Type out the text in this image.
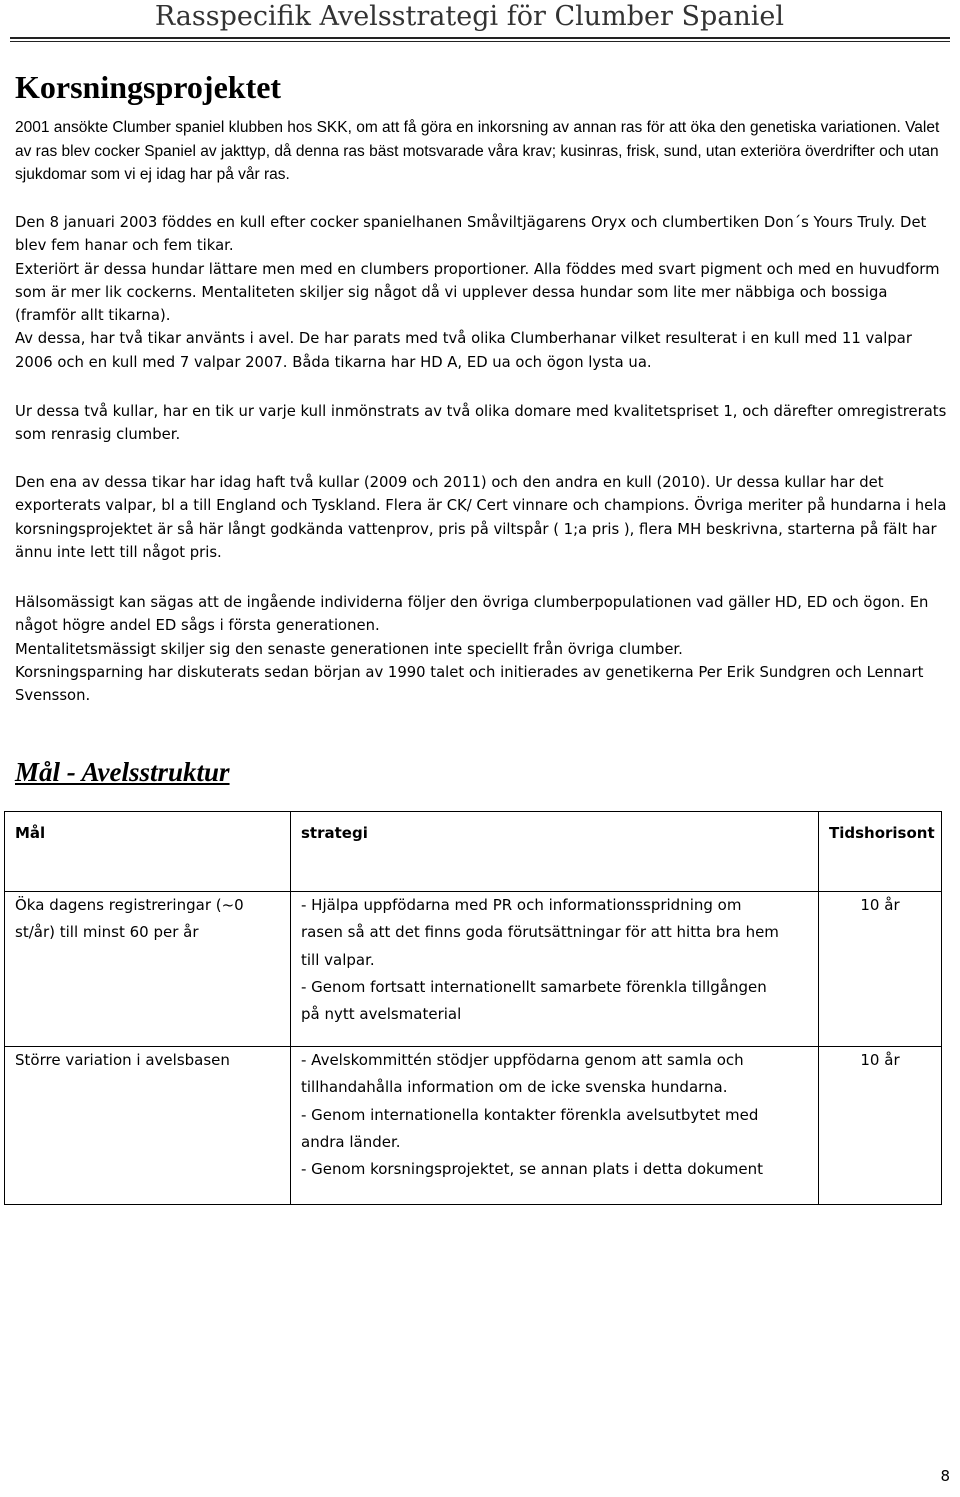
Rasspecifik Avelsstrategi för Clumber Spaniel
Korsningsprojektet

2001 ansökte Clumber spaniel klubben hos SKK, om att få göra en inkorsning av annan ras för att öka den genetiska variationen. Valet av ras blev cocker Spaniel av jakttyp, då denna ras bäst motsvarade våra krav; kusinras, frisk, sund, utan exteriöra överdrifter och utan sjukdomar som vi ej idag har på vår ras.

Den 8 januari 2003 föddes en kull efter cocker spanielhanen Småviltjägarens Oryx och clumbertiken Don´s Yours Truly. Det blev fem hanar och fem tikar.

Exteriört är dessa hundar lättare men med en clumbers proportioner. Alla föddes med svart pigment och med en huvudform som är mer lik cockerns. Mentaliteten skiljer sig något då vi upplever dessa hundar som lite mer näbbiga och bossiga (framför allt tikarna).

Av dessa, har två tikar använts i avel. De har parats med två olika Clumberhanar vilket resulterat i en kull med 11 valpar 2006 och en kull med 7 valpar 2007. Båda tikarna har HD A, ED ua och ögon lysta ua.

Ur dessa två kullar, har en tik ur varje kull inmönstrats av två olika domare med kvalitetspriset 1, och därefter omregistrerats som renrasig clumber.

Den ena av dessa tikar har idag haft två kullar (2009 och 2011) och den andra en kull (2010). Ur dessa kullar har det exporterats valpar, bl a till England och Tyskland. Flera är CK/ Cert vinnare och champions. Övriga meriter på hundarna i hela korsningsprojektet är så här långt godkända vattenprov, pris på viltspår ( 1;a pris ), flera MH beskrivna, starterna på fält har ännu inte lett till något pris.

Hälsomässigt kan sägas att de ingående individerna följer den övriga clumberpopulationen vad gäller HD, ED och ögon. En något högre andel ED sågs i första generationen.

Mentalitetsmässigt skiljer sig den senaste generationen inte speciellt från övriga clumber.

Korsningsparning har diskuterats sedan början av 1990 talet och initierades av genetikerna Per Erik Sundgren och Lennart Svensson.

Mål - Avelsstruktur
Mål	strategi	Tidshorisont

Öka dagens registreringar (~0
st/år) till minst 60 per år	- Hjälpa uppfödarna med PR och informationsspridning om
rasen så att det finns goda förutsättningar för att hitta bra hem
till valpar.
- Genom fortsatt internationellt samarbete förenkla tillgången
på nytt avelsmaterial	10 år

Större variation i avelsbasen	- Avelskommittén stödjer uppfödarna genom att samla och
tillhandahålla information om de icke svenska hundarna.
- Genom internationella kontakter förenkla avelsutbytet med
andra länder.
- Genom korsningsprojektet, se annan plats i detta dokument	10 år
8
